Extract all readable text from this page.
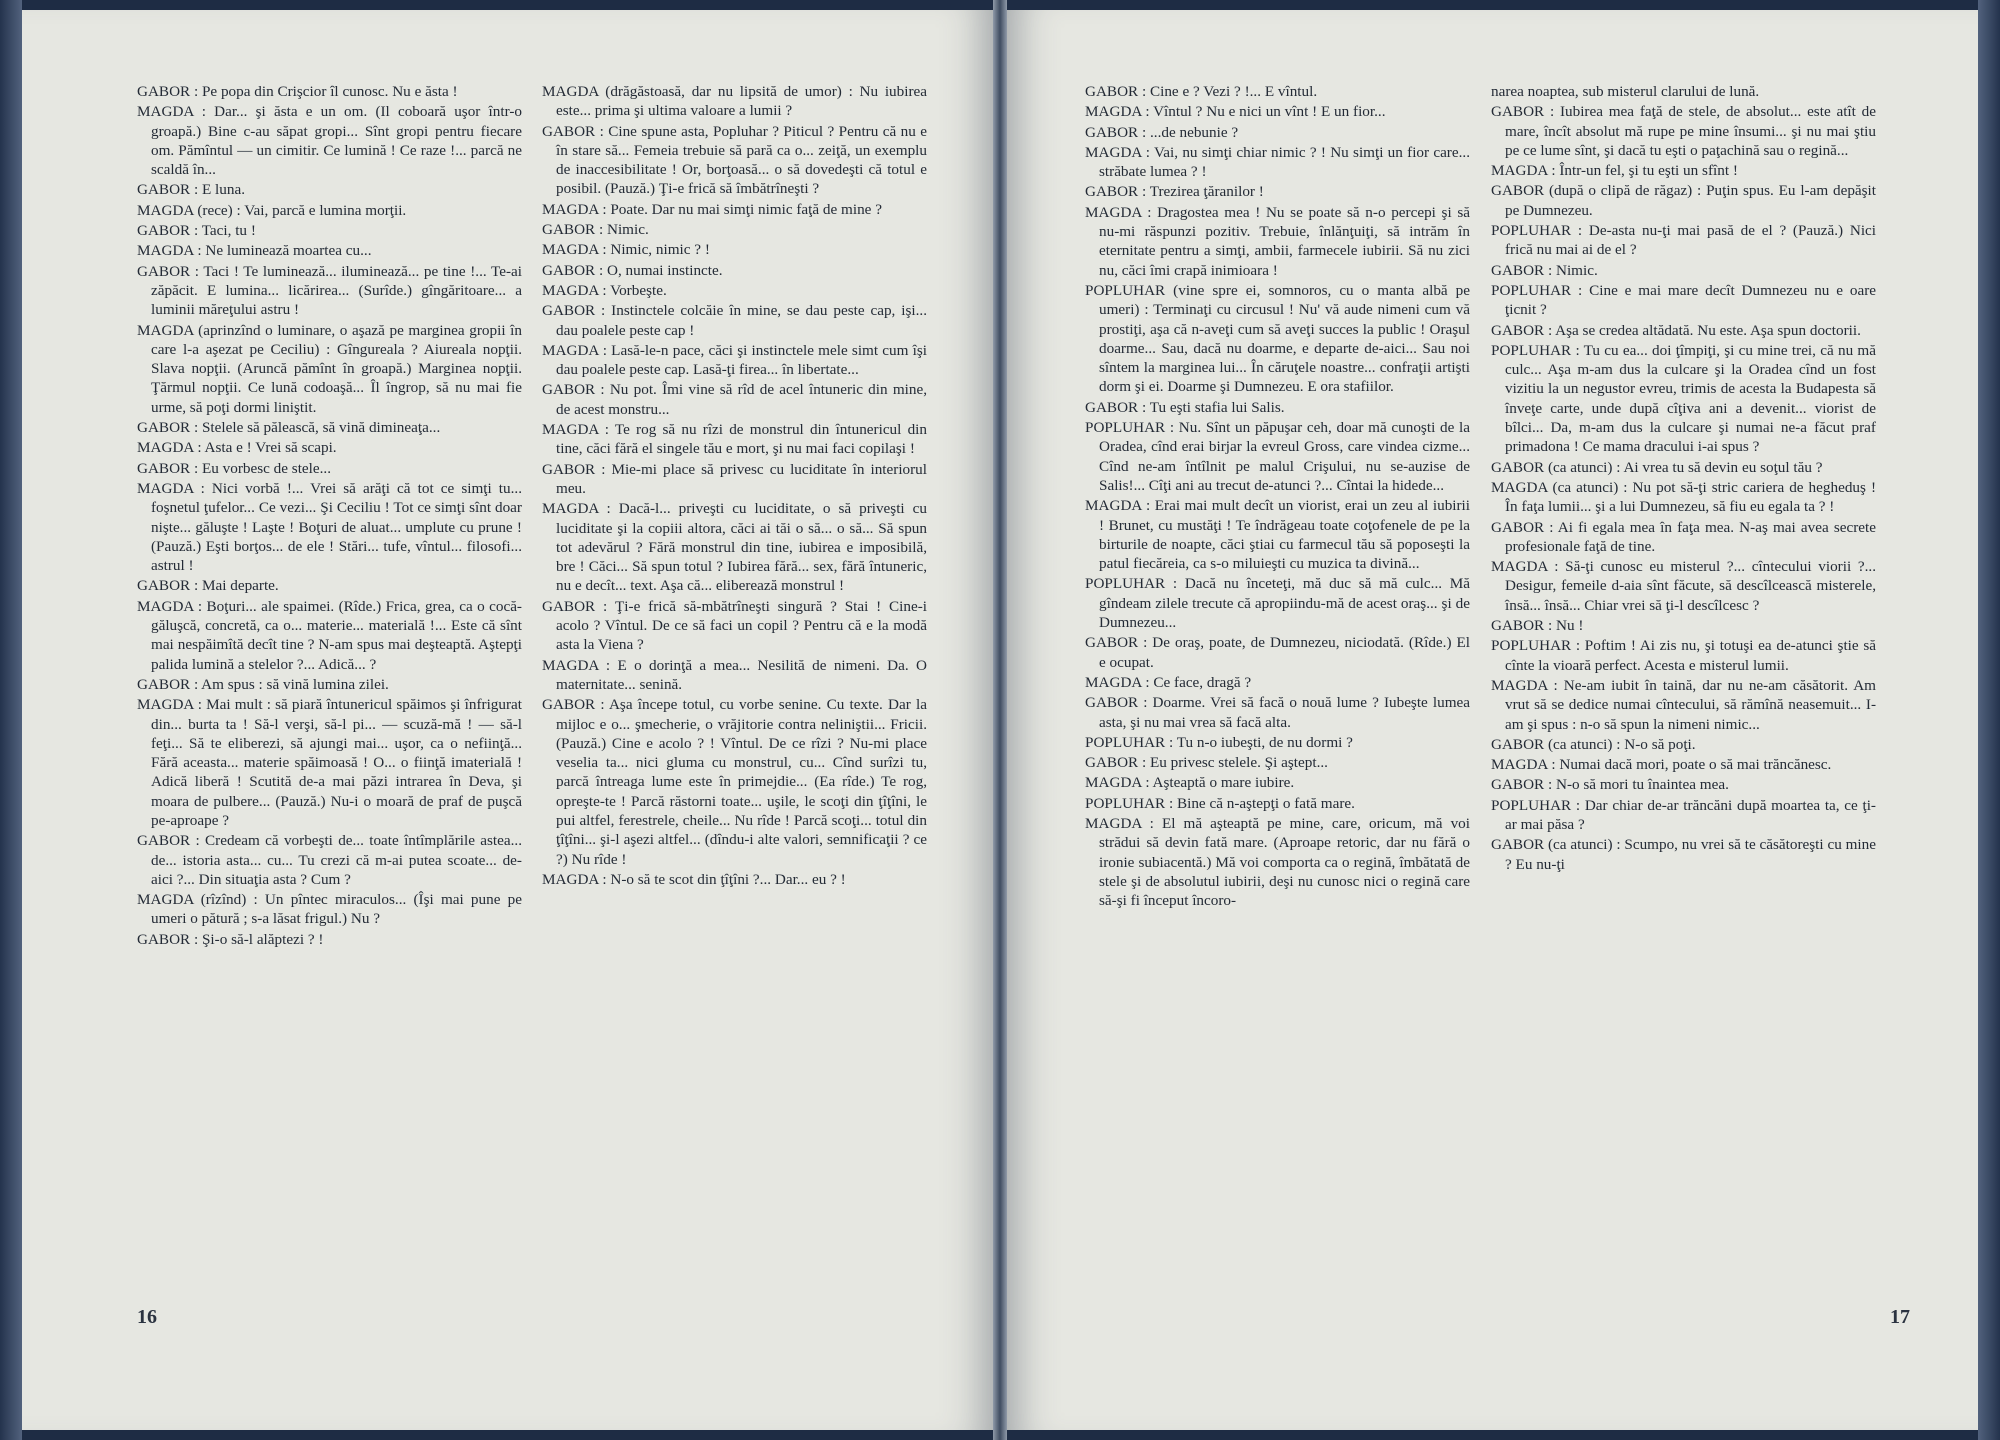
GABOR : Pe popa din Crişcior îl cunosc. Nu e ăsta !

MAGDA : Dar... şi ăsta e un om. (Il coboară uşor într-o groapă.) Bine c-au săpat gropi... Sînt gropi pentru fiecare om. Pămîntul — un cimitir. Ce lumină ! Ce raze !... parcă ne scaldă în...

GABOR : E luna.

MAGDA (rece) : Vai, parcă e lumina morţii.

GABOR : Taci, tu !

MAGDA : Ne luminează moartea cu...

GABOR : Taci ! Te luminează... iluminează... pe tine !... Te-ai zăpăcit. E lumina... licărirea... (Surîde.) gîngăritoare... a luminii măreţului astru !

MAGDA (aprinzînd o luminare, o aşază pe marginea gropii în care l-a aşezat pe Ceciliu) : Gîngureala ? Aiureala nopţii. Slava nopţii. (Aruncă pămînt în groapă.) Marginea nopţii. Ţărmul nopţii. Ce lună codoaşă... Îl îngrop, să nu mai fie urme, să poţi dormi liniştit.

GABOR : Stelele să pălească, să vină dimineaţa...

MAGDA : Asta e ! Vrei să scapi.

GABOR : Eu vorbesc de stele...

MAGDA : Nici vorbă !... Vrei să arăţi că tot ce simţi tu... foşnetul ţufelor... Ce vezi... Şi Ceciliu ! Tot ce simţi sînt doar nişte... găluşte ! Laşte ! Boţuri de aluat... umplute cu prune ! (Pauză.) Eşti borţos... de ele ! Stări... tufe, vîntul... filosofi... astrul !

GABOR : Mai departe.

MAGDA : Boţuri... ale spaimei. (Rîde.) Frica, grea, ca o cocă-găluşcă, concretă, ca o... materie... materială !... Este că sînt mai nespăimîtă decît tine ? N-am spus mai deşteaptă. Aştepţi palida lumină a stelelor ?... Adică... ?

GABOR : Am spus : să vină lumina zilei.

MAGDA : Mai mult : să piară întunericul spăimos şi înfrigurat din... burta ta ! Să-l verşi, să-l pi... — scuză-mă ! — să-l feţi... Să te eliberezi, să ajungi mai... uşor, ca o nefiinţă... Fără aceasta... materie spăimoasă ! O... o fiinţă imaterială ! Adică liberă ! Scutită de-a mai păzi intrarea în Deva, şi moara de pulbere... (Pauză.) Nu-i o moară de praf de puşcă pe-aproape ?

GABOR : Credeam că vorbeşti de... toate întîmplările astea... de... istoria asta... cu... Tu crezi că m-ai putea scoate... de-aici ?... Din situaţia asta ? Cum ?

MAGDA (rîzînd) : Un pîntec miraculos... (Îşi mai pune pe umeri o pătură ; s-a lăsat frigul.) Nu ?

GABOR : Şi-o să-l alăptezi ? !

MAGDA (drăgăstoasă, dar nu lipsită de umor) : Nu iubirea este... prima şi ultima valoare a lumii ?

GABOR : Cine spune asta, Popluhar ? Piticul ? Pentru că nu e în stare să... Femeia trebuie să pară ca o... zeiţă, un exemplu de inaccesibilitate ! Or, borţoasă... o să dovedeşti că totul e posibil. (Pauză.) Ţi-e frică să îmbătrîneşti ?

MAGDA : Poate. Dar nu mai simţi nimic faţă de mine ?

GABOR : Nimic.

MAGDA : Nimic, nimic ? !

GABOR : O, numai instincte.

MAGDA : Vorbeşte.

GABOR : Instinctele colcăie în mine, se dau peste cap, işi... dau poalele peste cap !

MAGDA : Lasă-le-n pace, căci şi instinctele mele simt cum îşi dau poalele peste cap. Lasă-ţi firea... în libertate...

GABOR : Nu pot. Îmi vine să rîd de acel întuneric din mine, de acest monstru...

MAGDA : Te rog să nu rîzi de monstrul din întunericul din tine, căci fără el singele tău e mort, şi nu mai faci copilaşi !

GABOR : Mie-mi place să privesc cu luciditate în interiorul meu.

MAGDA : Dacă-l... priveşti cu luciditate, o să priveşti cu luciditate şi la copiii altora, căci ai tăi o să... o să... Să spun tot adevărul ? Fără monstrul din tine, iubirea e imposibilă, bre ! Căci... Să spun totul ? Iubirea fără... sex, fără întuneric, nu e decît... text. Aşa că... eliberează monstrul !

GABOR : Ţi-e frică să-mbătrîneşti singură ? Stai ! Cine-i acolo ? Vîntul. De ce să faci un copil ? Pentru că e la modă asta la Viena ?

MAGDA : E o dorinţă a mea... Nesilită de nimeni. Da. O maternitate... senină.

GABOR : Aşa începe totul, cu vorbe senine. Cu texte. Dar la mijloc e o... şmecherie, o vrăjitorie contra neliniştii... Fricii. (Pauză.) Cine e acolo ? ! Vîntul. De ce rîzi ? Nu-mi place veselia ta... nici gluma cu monstrul, cu... Cînd surîzi tu, parcă întreaga lume este în primejdie... (Ea rîde.) Te rog, opreşte-te ! Parcă răstorni toate... uşile, le scoţi din ţîţîni, le pui altfel, ferestrele, cheile... Nu rîde ! Parcă scoţi... totul din ţîţîni... şi-l aşezi altfel... (dîndu-i alte valori, semnificaţii ? ce ?) Nu rîde !

MAGDA : N-o să te scot din ţîţîni ?... Dar... eu ? !

16

GABOR : Cine e ? Vezi ? !... E vîntul.

MAGDA : Vîntul ? Nu e nici un vînt ! E un fior...

GABOR : ...de nebunie ?

MAGDA : Vai, nu simţi chiar nimic ? ! Nu simţi un fior care... străbate lumea ? !

GABOR : Trezirea ţăranilor !

MAGDA : Dragostea mea ! Nu se poate să n-o percepi şi să nu-mi răspunzi pozitiv. Trebuie, înlănţuiţi, să intrăm în eternitate pentru a simţi, ambii, farmecele iubirii. Să nu zici nu, căci îmi crapă inimioara !

POPLUHAR (vine spre ei, somnoros, cu o manta albă pe umeri) : Terminaţi cu circusul ! Nu' vă aude nimeni cum vă prostiţi, aşa că n-aveţi cum să aveţi succes la public ! Oraşul doarme... Sau, dacă nu doarme, e departe de-aici... Sau noi sîntem la marginea lui... În căruţele noastre... confraţii artişti dorm şi ei. Doarme şi Dumnezeu. E ora stafiilor.

GABOR : Tu eşti stafia lui Salis.

POPLUHAR : Nu. Sînt un păpuşar ceh, doar mă cunoşti de la Oradea, cînd erai birjar la evreul Gross, care vindea cizme... Cînd ne-am întîlnit pe malul Crişului, nu se-auzise de Salis!... Cîţi ani au trecut de-atunci ?... Cîntai la hidede...

MAGDA : Erai mai mult decît un viorist, erai un zeu al iubirii ! Brunet, cu mustăţi ! Te îndrăgeau toate coţofenele de pe la birturile de noapte, căci ştiai cu farmecul tău să poposeşti la patul fiecăreia, ca s-o miluieşti cu muzica ta divină...

POPLUHAR : Dacă nu înceteţi, mă duc să mă culc... Mă gîndeam zilele trecute că apropiindu-mă de acest oraş... şi de Dumnezeu...

GABOR : De oraş, poate, de Dumnezeu, niciodată. (Rîde.) El e ocupat.

MAGDA : Ce face, dragă ?

GABOR : Doarme. Vrei să facă o nouă lume ? Iubeşte lumea asta, şi nu mai vrea să facă alta.

POPLUHAR : Tu n-o iubeşti, de nu dormi ?

GABOR : Eu privesc stelele. Şi aştept...

MAGDA : Aşteaptă o mare iubire.

POPLUHAR : Bine că n-aştepţi o fată mare.

MAGDA : El mă aşteaptă pe mine, care, oricum, mă voi strădui să devin fată mare. (Aproape retoric, dar nu fără o ironie subiacentă.) Mă voi comporta ca o regină, îmbătată de stele şi de absolutul iubirii, deşi nu cunosc nici o regină care să-şi fi început încoro-

narea noaptea, sub misterul clarului de lună.

GABOR : Iubirea mea faţă de stele, de absolut... este atît de mare, încît absolut mă rupe pe mine însumi... şi nu mai ştiu pe ce lume sînt, şi dacă tu eşti o paţachină sau o regină...

MAGDA : Într-un fel, şi tu eşti un sfînt !

GABOR (după o clipă de răgaz) : Puţin spus. Eu l-am depăşit pe Dumnezeu.

POPLUHAR : De-asta nu-ţi mai pasă de el ? (Pauză.) Nici frică nu mai ai de el ?

GABOR : Nimic.

POPLUHAR : Cine e mai mare decît Dumnezeu nu e oare ţicnit ?

GABOR : Aşa se credea altădată. Nu este. Aşa spun doctorii.

POPLUHAR : Tu cu ea... doi ţîmpiţi, şi cu mine trei, că nu mă culc... Aşa m-am dus la culcare şi la Oradea cînd un fost vizitiu la un negustor evreu, trimis de acesta la Budapesta să înveţe carte, unde după cîţiva ani a devenit... viorist de bîlci... Da, m-am dus la culcare şi numai ne-a făcut praf primadona ! Ce mama dracului i-ai spus ?

GABOR (ca atunci) : Ai vrea tu să devin eu soţul tău ?

MAGDA (ca atunci) : Nu pot să-ţi stric cariera de hegheduş ! În faţa lumii... şi a lui Dumnezeu, să fiu eu egala ta ? !

GABOR : Ai fi egala mea în faţa mea. N-aş mai avea secrete profesionale faţă de tine.

MAGDA : Să-ţi cunosc eu misterul ?... cîntecului viorii ?... Desigur, femeile d-aia sînt făcute, să descîlcească misterele, însă... însă... Chiar vrei să ţi-l descîlcesc ?

GABOR : Nu !

POPLUHAR : Poftim ! Ai zis nu, şi totuşi ea de-atunci ştie să cînte la vioară perfect. Acesta e misterul lumii.

MAGDA : Ne-am iubit în taină, dar nu ne-am căsătorit. Am vrut să se dedice numai cîntecului, să rămînă neasemuit... I-am şi spus : n-o să spun la nimeni nimic...

GABOR (ca atunci) : N-o să poţi.

MAGDA : Numai dacă mori, poate o să mai trăncănesc.

GABOR : N-o să mori tu înaintea mea.

POPLUHAR : Dar chiar de-ar trăncăni după moartea ta, ce ţi-ar mai păsa ?

GABOR (ca atunci) : Scumpo, nu vrei să te căsătoreşti cu mine ? Eu nu-ţi

17
